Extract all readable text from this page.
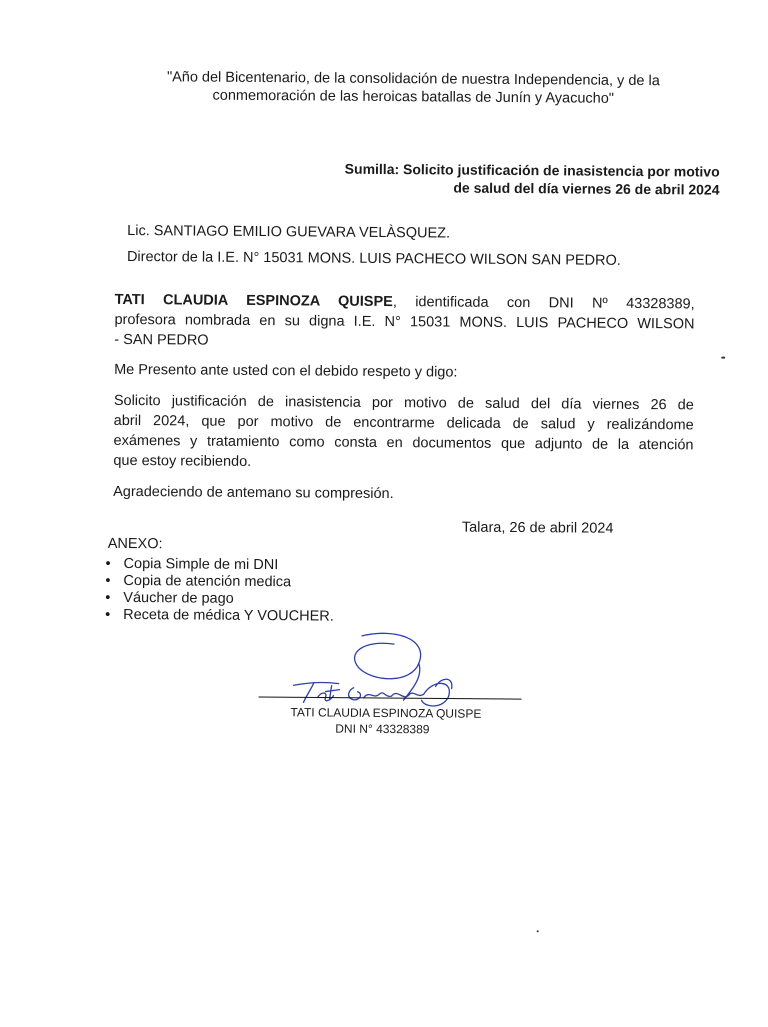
"Año del Bicentenario, de la consolidación de nuestra Independencia, y de la
conmemoración de las heroicas batallas de Junín y Ayacucho"
Sumilla: Solicito justificación de inasistencia por motivo
de salud del día viernes 26 de abril 2024
Lic. SANTIAGO EMILIO GUEVARA VELÀSQUEZ.
Director de la I.E. N° 15031 MONS. LUIS PACHECO WILSON SAN PEDRO.
TATI CLAUDIA ESPINOZA QUISPE, identificada con DNI Nº 43328389,
profesora nombrada en su digna I.E. N° 15031 MONS. LUIS PACHECO WILSON
- SAN PEDRO
Me Presento ante usted con el debido respeto y digo:
Solicito justificación de inasistencia por motivo de salud del día viernes 26 de
abril 2024, que por motivo de encontrarme delicada de salud y realizándome
exámenes y tratamiento como consta en documentos que adjunto de la atención
que estoy recibiendo.
Agradeciendo de antemano su compresión.
Talara, 26 de abril 2024
ANEXO:
• Copia Simple de mi DNI
• Copia de atención medica
• Váucher de pago
• Receta de médica Y VOUCHER.
TATI CLAUDIA ESPINOZA QUISPE
DNI N° 43328389
